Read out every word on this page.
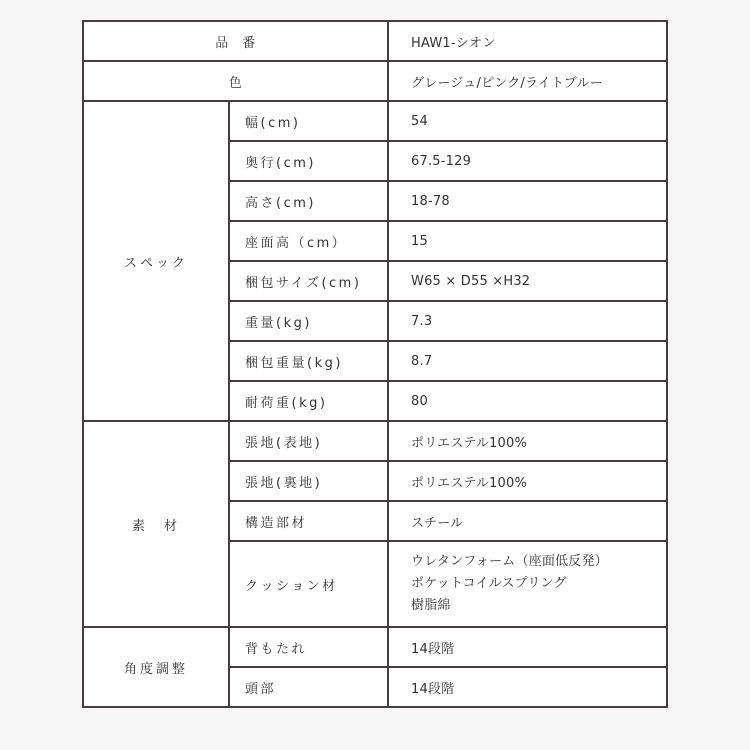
品　番		HAW1-シオン
色		グレージュ/ピンク/ライトブルー
スペック	幅(cm)	54
	奥行(cm)	67.5-129
	高さ(cm)	18-78
	座面高（cm）	15
	梱包サイズ(cm)	W65 × D55 ×H32
	重量(kg)	7.3
	梱包重量(kg)	8.7
	耐荷重(kg)	80
素　材	張地(表地)	ポリエステル100%
	張地(裏地)	ポリエステル100%
	構造部材	スチール
	クッション材	ウレタンフォーム（座面低反発）
ポケットコイルスプリング
樹脂綿

角度調整	背もたれ	14段階
	頭部	14段階
